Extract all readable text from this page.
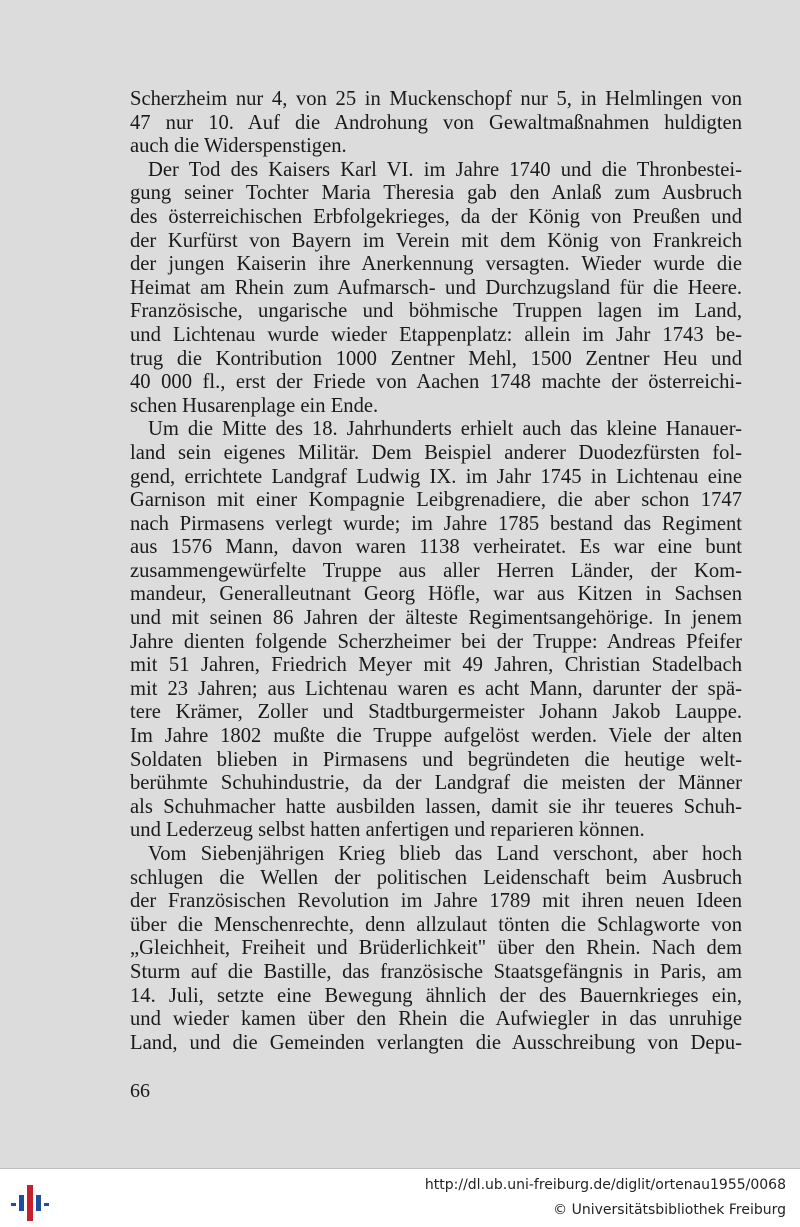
Scherzheim nur 4, von 25 in Muckenschopf nur 5, in Helmlingen von

47 nur 10. Auf die Androhung von Gewaltmaßnahmen huldigten

auch die Widerspenstigen.

Der Tod des Kaisers Karl VI. im Jahre 1740 und die Thronbestei-

gung seiner Tochter Maria Theresia gab den Anlaß zum Ausbruch

des österreichischen Erbfolgekrieges, da der König von Preußen und

der Kurfürst von Bayern im Verein mit dem König von Frankreich

der jungen Kaiserin ihre Anerkennung versagten. Wieder wurde die

Heimat am Rhein zum Aufmarsch- und Durchzugsland für die Heere.

Französische, ungarische und böhmische Truppen lagen im Land,

und Lichtenau wurde wieder Etappenplatz: allein im Jahr 1743 be-

trug die Kontribution 1000 Zentner Mehl, 1500 Zentner Heu und

40 000 fl., erst der Friede von Aachen 1748 machte der österreichi-

schen Husarenplage ein Ende.

Um die Mitte des 18. Jahrhunderts erhielt auch das kleine Hanauer-

land sein eigenes Militär. Dem Beispiel anderer Duodezfürsten fol-

gend, errichtete Landgraf Ludwig IX. im Jahr 1745 in Lichtenau eine

Garnison mit einer Kompagnie Leibgrenadiere, die aber schon 1747

nach Pirmasens verlegt wurde; im Jahre 1785 bestand das Regiment

aus 1576 Mann, davon waren 1138 verheiratet. Es war eine bunt

zusammengewürfelte Truppe aus aller Herren Länder, der Kom-

mandeur, Generalleutnant Georg Höfle, war aus Kitzen in Sachsen

und mit seinen 86 Jahren der älteste Regimentsangehörige. In jenem

Jahre dienten folgende Scherzheimer bei der Truppe: Andreas Pfeifer

mit 51 Jahren, Friedrich Meyer mit 49 Jahren, Christian Stadelbach

mit 23 Jahren; aus Lichtenau waren es acht Mann, darunter der spä-

tere Krämer, Zoller und Stadtburgermeister Johann Jakob Lauppe.

Im Jahre 1802 mußte die Truppe aufgelöst werden. Viele der alten

Soldaten blieben in Pirmasens und begründeten die heutige welt-

berühmte Schuhindustrie, da der Landgraf die meisten der Männer

als Schuhmacher hatte ausbilden lassen, damit sie ihr teueres Schuh-

und Lederzeug selbst hatten anfertigen und reparieren können.

Vom Siebenjährigen Krieg blieb das Land verschont, aber hoch

schlugen die Wellen der politischen Leidenschaft beim Ausbruch

der Französischen Revolution im Jahre 1789 mit ihren neuen Ideen

über die Menschenrechte, denn allzulaut tönten die Schlagworte von

„Gleichheit, Freiheit und Brüderlichkeit" über den Rhein. Nach dem

Sturm auf die Bastille, das französische Staatsgefängnis in Paris, am

14. Juli, setzte eine Bewegung ähnlich der des Bauernkrieges ein,

und wieder kamen über den Rhein die Aufwiegler in das unruhige

Land, und die Gemeinden verlangten die Ausschreibung von Depu-

66
http://dl.ub.uni-freiburg.de/diglit/ortenau1955/0068
© Universitätsbibliothek Freiburg
